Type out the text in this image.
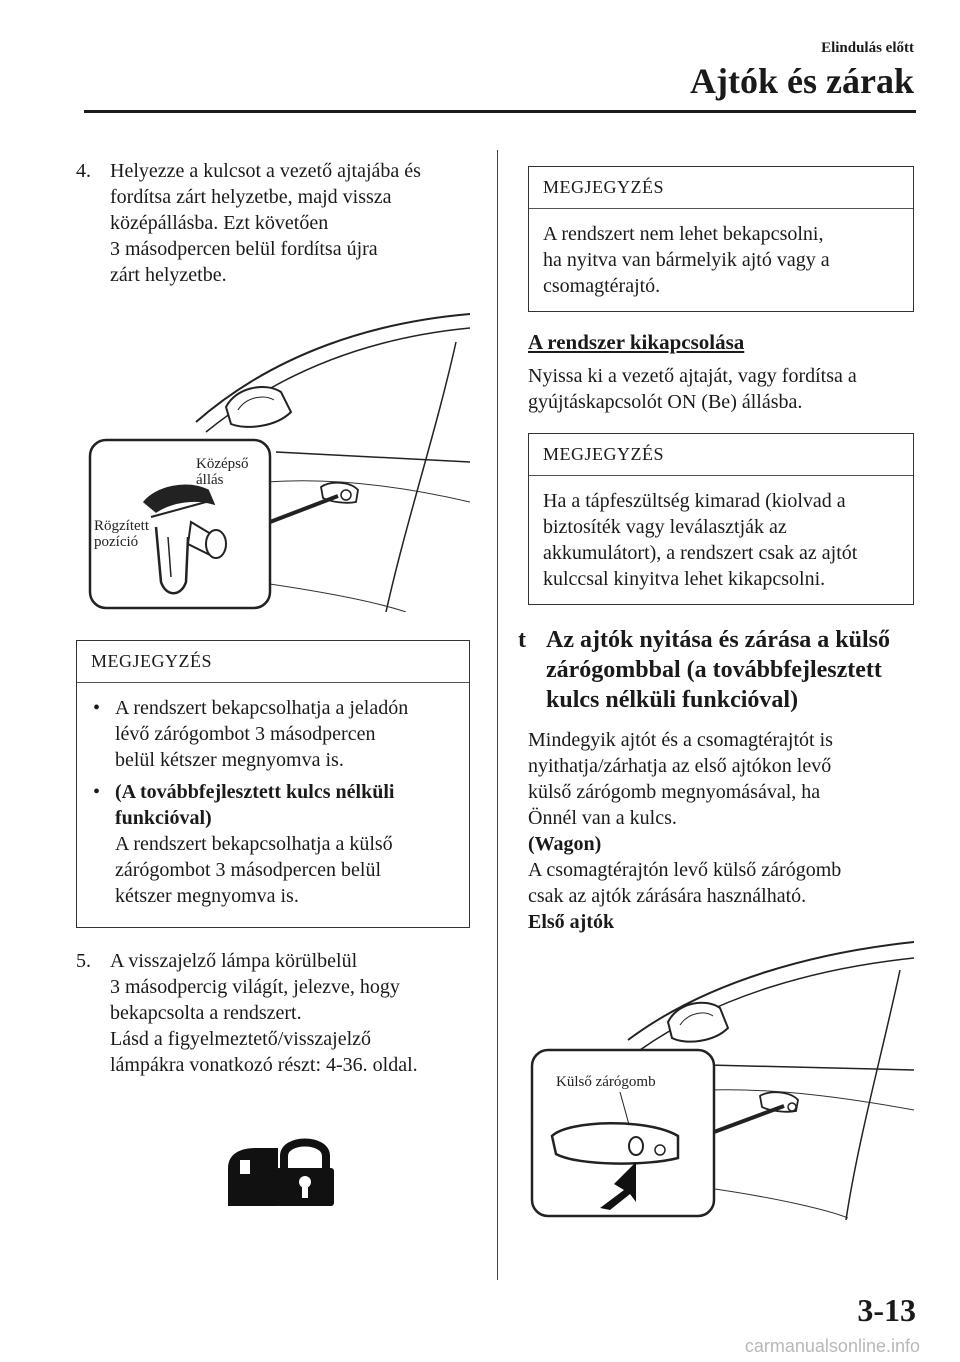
Elindulás előtt
Ajtók és zárak
4. Helyezze a kulcsot a vezető ajtajába és
fordítsa zárt helyzetbe, majd vissza
középállásba. Ezt követően
3 másodpercen belül fordítsa újra
zárt helyzetbe.
Középső
állás
Rögzített
pozíció
MEGJEGYZÉS
• A rendszert bekapcsolhatja a jeladón
lévő zárógombot 3 másodpercen
belül kétszer megnyomva is.
• (A továbbfejlesztett kulcs nélküli
funkcióval)
A rendszert bekapcsolhatja a külső
zárógombot 3 másodpercen belül
kétszer megnyomva is.
5. A visszajelző lámpa körülbelül
3 másodpercig világít, jelezve, hogy
bekapcsolta a rendszert.
Lásd a figyelmeztető/visszajelző
lámpákra vonatkozó részt: 4-36. oldal.
MEGJEGYZÉS
A rendszert nem lehet bekapcsolni,
ha nyitva van bármelyik ajtó vagy a
csomagtérajtó.
A rendszer kikapcsolása
Nyissa ki a vezető ajtaját, vagy fordítsa a
gyújtáskapcsolót ON (Be) állásba.
MEGJEGYZÉS
Ha a tápfeszültség kimarad (kiolvad a
biztosíték vagy leválasztják az
akkumulátort), a rendszert csak az ajtót
kulccsal kinyitva lehet kikapcsolni.
t Az ajtók nyitása és zárása a külső
zárógombbal (a továbbfejlesztett
kulcs nélküli funkcióval)
Mindegyik ajtót és a csomagtérajtót is
nyithatja/zárhatja az első ajtókon levő
külső zárógomb megnyomásával, ha
Önnél van a kulcs.
(Wagon)
A csomagtérajtón levő külső zárógomb
csak az ajtók zárására használható.
Első ajtók
Külső zárógomb
3-13
carmanualsonline.info
